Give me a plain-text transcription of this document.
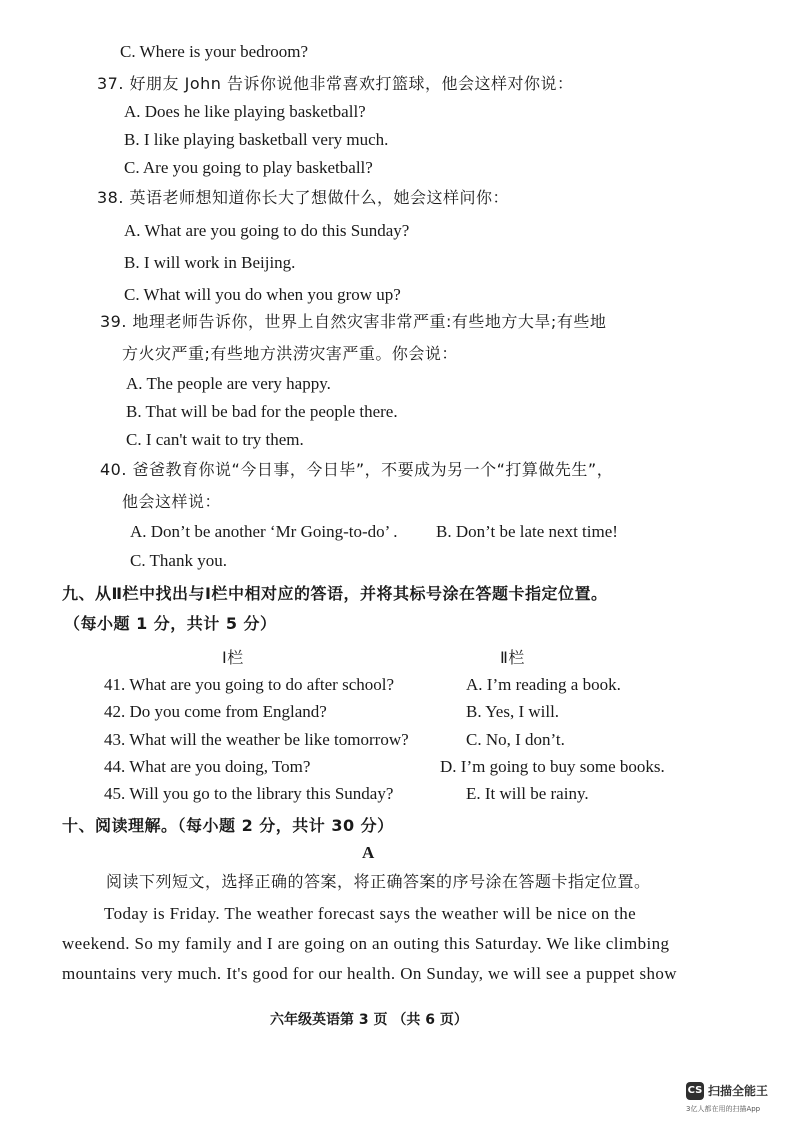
C. Where is your bedroom?
37. 好朋友 John 告诉你说他非常喜欢打篮球，他会这样对你说：
A. Does he like playing basketball?
B. I like playing basketball very much.
C. Are you going to play basketball?
38. 英语老师想知道你长大了想做什么，她会这样问你：
A. What are you going to do this Sunday?
B. I will work in Beijing.
C. What will you do when you grow up?
39. 地理老师告诉你，世界上自然灾害非常严重:有些地方大旱;有些地
方火灾严重;有些地方洪涝灾害严重。你会说：
A. The people are very happy.
B. That will be bad for the people there.
C. I can't wait to try them.
40. 爸爸教育你说“今日事，今日毕”，不要成为另一个“打算做先生”，
他会这样说：
A. Don’t be another ‘Mr Going-to-do’ . B. Don’t be late next time!
C. Thank you.
九、从Ⅱ栏中找出与Ⅰ栏中相对应的答语，并将其标号涂在答题卡指定位置。
（每小题 1 分，共计 5 分）
Ⅰ栏	Ⅱ栏
41. What are you going to do after school?	A. I’m reading a book.
42. Do you come from England?	B. Yes, I will.
43. What will the weather be like tomorrow?	C. No, I don’t.
44. What are you doing, Tom?	D. I’m going to buy some books.
45. Will you go to the library this Sunday?	E. It will be rainy.
十、阅读理解。（每小题 2 分，共计 30 分）
A
阅读下列短文，选择正确的答案，将正确答案的序号涂在答题卡指定位置。
Today is Friday. The weather forecast says the weather will be nice on the
weekend. So my family and I are going on an outing this Saturday. We like climbing
mountains very much. It's good for our health. On Sunday, we will see a puppet show
六年级英语第 3 页 （共 6 页）
CS 扫描全能王
3亿人都在用的扫描App
